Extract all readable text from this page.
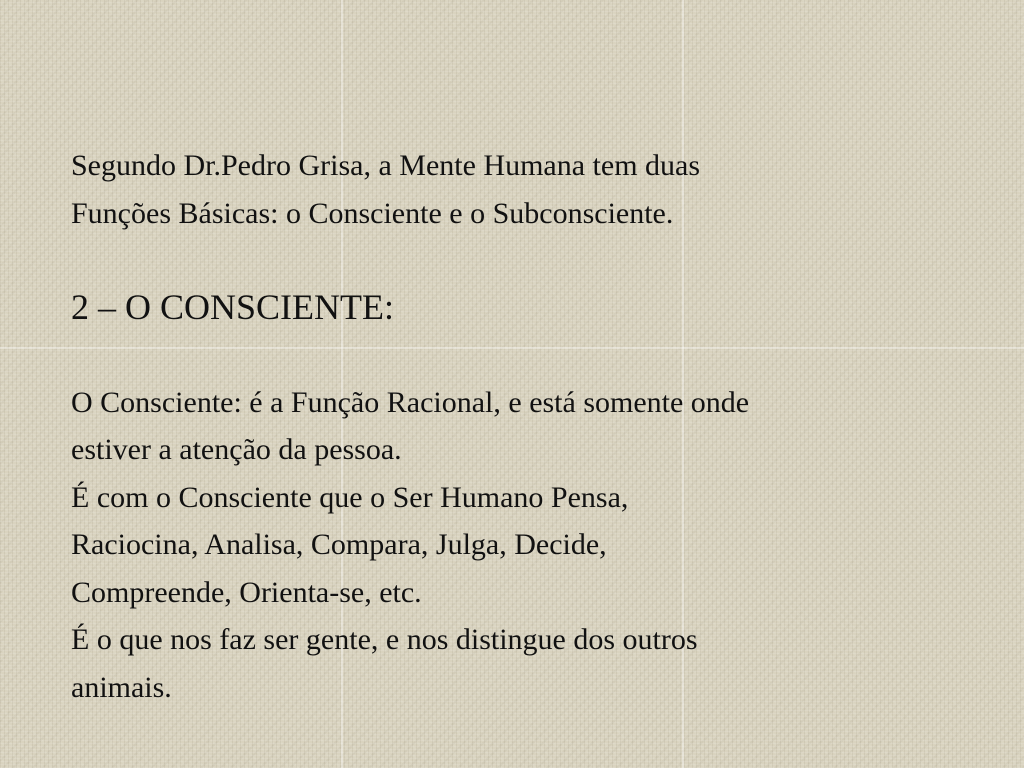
Segundo Dr.Pedro Grisa, a Mente Humana tem duas

Funções Básicas: o Consciente e o Subconsciente.

2 – O CONSCIENTE:

O Consciente: é a Função Racional, e está somente onde

estiver a atenção da pessoa.

É com o Consciente que o Ser Humano Pensa,

Raciocina, Analisa, Compara, Julga, Decide,

Compreende, Orienta-se, etc.

É o que nos faz ser gente, e nos distingue dos outros

animais.
